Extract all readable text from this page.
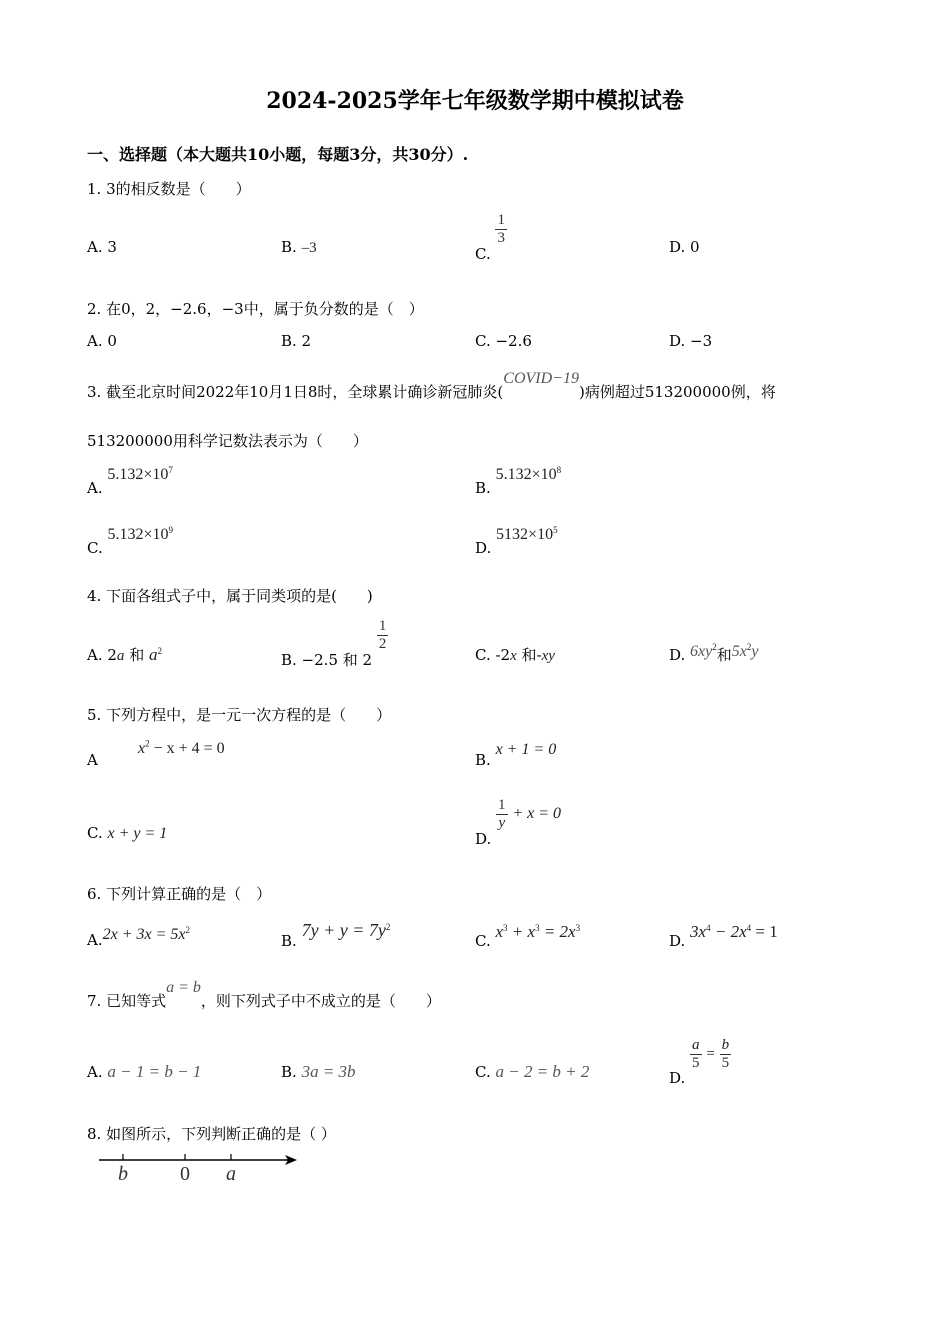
2024-2025学年七年级数学期中模拟试卷
一、选择题（本大题共10小题，每题3分，共30分）.
1. 3的相反数是（　　）
A. 3	B. –3	C.
$\frac{1}{3}$
D. 0
2. 在0，2，−2.6，−3中，属于负分数的是（　）
A. 0	B. 2	C. −2.6	D. −3
3. 截至北京时间2022年10月1日8时，全球累计确诊新冠肺炎(COVID−19)病例超过513200000例，将
513200000用科学记数法表示为（　　）
A. $5.132\times 10^7$
B. $5.132\times 10^8$
C. $5.132\times 10^9$
D. $5132\times 10^5$
4. 下面各组式子中，属于同类项的是(　　)
A. 2a 和 $a^2$	B. −2.5 和 2
$\frac{1}{2}$
C. -2x 和-xy	D. $6xy^2$和$5x^2y$
5. 下列方程中，是一元一次方程的是（　　）
A
$x^2 - x + 4 = 0$
B. x + 1 = 0
C. x + y = 1	D.
$\frac{1}{y} + x = 0$
6. 下列计算正确的是（　）
$A.2x + 3x = 5x^2$
B. $7y + y = 7y^2$
C. $x^3 + x^3 = 2x^3$
D. $3x^4 - 2x^4 = 1$
7. 已知等式a = b，则下列式子中不成立的是（　　）
A. a − 1 = b − 1	B. 3a = 3b	C. a − 2 = b + 2	D.
$\frac{a}{5} = \frac{b}{5}$
8. 如图所示，下列判断正确的是（ ）
b	0 a
